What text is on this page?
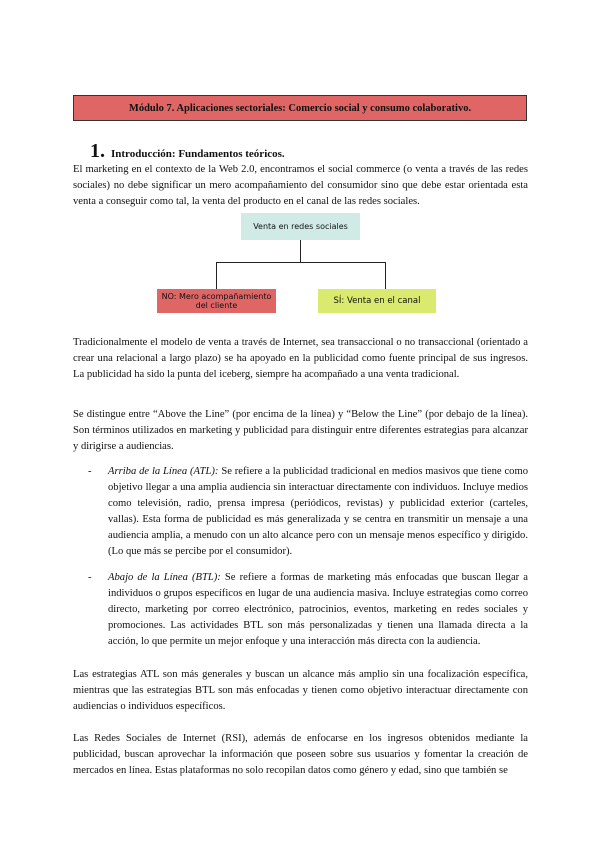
Módulo 7. Aplicaciones sectoriales: Comercio social y consumo colaborativo.
1. Introducción: Fundamentos teóricos.
El marketing en el contexto de la Web 2.0, encontramos el social commerce (o venta a través de las redes sociales) no debe significar un mero acompañamiento del consumidor sino que debe estar orientada esta venta a conseguir como tal, la venta del producto en el canal de las redes sociales.
Venta en redes sociales
NO: Mero acompañamiento del cliente	SÍ: Venta en el canal
Tradicionalmente el modelo de venta a través de Internet, sea transaccional o no transaccional (orientado a crear una relacional a largo plazo) se ha apoyado en la publicidad como fuente principal de sus ingresos. La publicidad ha sido la punta del iceberg, siempre ha acompañado a una venta tradicional.
Se distingue entre “Above the Line” (por encima de la línea) y “Below the Line” (por debajo de la línea). Son términos utilizados en marketing y publicidad para distinguir entre diferentes estrategias para alcanzar y dirigirse a audiencias.
- Arriba de la Línea (ATL): Se refiere a la publicidad tradicional en medios masivos que tiene como objetivo llegar a una amplia audiencia sin interactuar directamente con individuos. Incluye medios como televisión, radio, prensa impresa (periódicos, revistas) y publicidad exterior (carteles, vallas). Esta forma de publicidad es más generalizada y se centra en transmitir un mensaje a una audiencia amplia, a menudo con un alto alcance pero con un mensaje menos específico y dirigido. (Lo que más se percibe por el consumidor).
- Abajo de la Línea (BTL): Se refiere a formas de marketing más enfocadas que buscan llegar a individuos o grupos específicos en lugar de una audiencia masiva. Incluye estrategias como correo directo, marketing por correo electrónico, patrocinios, eventos, marketing en redes sociales y promociones. Las actividades BTL son más personalizadas y tienen una llamada directa a la acción, lo que permite un mejor enfoque y una interacción más directa con la audiencia.
Las estrategias ATL son más generales y buscan un alcance más amplio sin una focalización específica, mientras que las estrategias BTL son más enfocadas y tienen como objetivo interactuar directamente con audiencias o individuos específicos.
Las Redes Sociales de Internet (RSI), además de enfocarse en los ingresos obtenidos mediante la publicidad, buscan aprovechar la información que poseen sobre sus usuarios y fomentar la creación de mercados en línea. Estas plataformas no solo recopilan datos como género y edad, sino que también se
